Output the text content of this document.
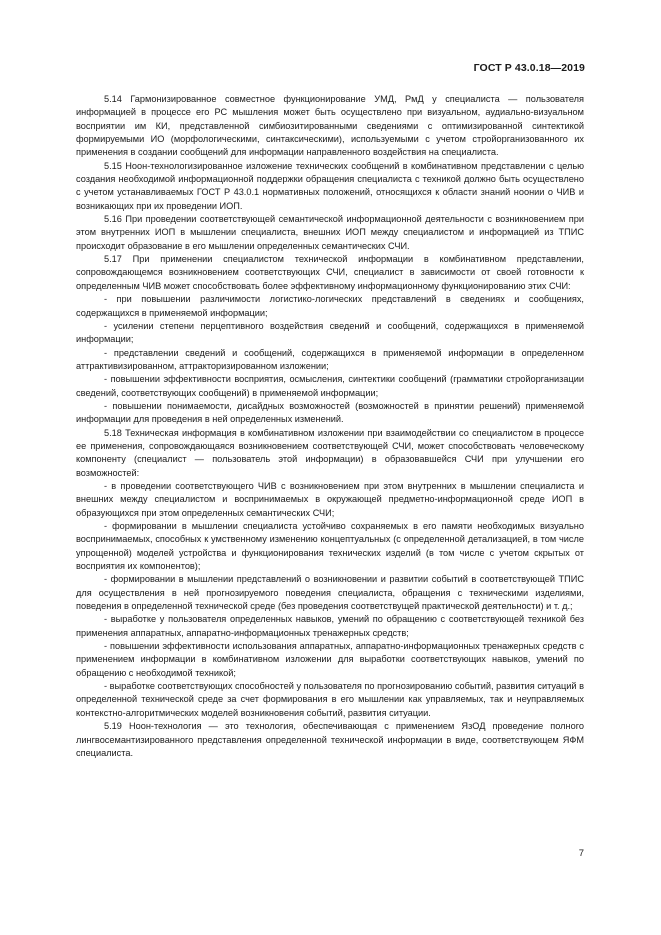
ГОСТ Р 43.0.18—2019

5.14 Гармонизированное совместное функционирование УМД, РмД у специалиста — пользователя информацией в процессе его РС мышления может быть осуществлено при визуальном, аудиально-визуальном восприятии им КИ, представленной симбиозитированными сведениями с оптимизированной синтектикой формируемыми ИО (морфологическими, синтаксическими), используемыми с учетом стройорганизованного их применения в создании сообщений для информации направленного воздействия на специалиста.

5.15 Ноон-технологизированное изложение технических сообщений в комбинативном представлении с целью создания необходимой информационной поддержки обращения специалиста с техникой должно быть осуществлено с учетом устанавливаемых ГОСТ Р 43.0.1 нормативных положений, относящихся к области знаний ноонии о ЧИВ и возникающих при их проведении ИОП.

5.16 При проведении соответствующей семантической информационной деятельности с возникновением при этом внутренних ИОП в мышлении специалиста, внешних ИОП между специалистом и информацией из ТПИС происходит образование в его мышлении определенных семантических СЧИ.

5.17 При применении специалистом технической информации в комбинативном представлении, сопровождающемся возникновением соответствующих СЧИ, специалист в зависимости от своей готовности к определенным ЧИВ может способствовать более эффективному информационному функционированию этих СЧИ:

- при повышении различимости логистико-логических представлений в сведениях и сообщениях, содержащихся в применяемой информации;

- усилении степени перцептивного воздействия сведений и сообщений, содержащихся в применяемой информации;

- представлении сведений и сообщений, содержащихся в применяемой информации в определенном аттрактивизированном, аттракторизированном изложении;

- повышении эффективности восприятия, осмысления, синтектики сообщений (грамматики стройорганизации сведений, соответствующих сообщений) в применяемой информации;

- повышении понимаемости, дисайдных возможностей (возможностей в принятии решений) применяемой информации для проведения в ней определенных изменений.

5.18 Техническая информация в комбинативном изложении при взаимодействии со специалистом в процессе ее применения, сопровождающаяся возникновением соответствующей СЧИ, может способствовать человеческому компоненту (специалист — пользователь этой информации) в образовавшейся СЧИ при улучшении его возможностей:

- в проведении соответствующего ЧИВ с возникновением при этом внутренних в мышлении специалиста и внешних между специалистом и воспринимаемых в окружающей предметно-информационной среде ИОП в образующихся при этом определенных семантических СЧИ;

- формировании в мышлении специалиста устойчиво сохраняемых в его памяти необходимых визуально воспринимаемых, способных к умственному изменению концептуальных (с определенной детализацией, в том числе упрощенной) моделей устройства и функционирования технических изделий (в том числе с учетом скрытых от восприятия их компонентов);

- формировании в мышлении представлений о возникновении и развитии событий в соответствующей ТПИС для осуществления в ней прогнозируемого поведения специалиста, обращения с техническими изделиями, поведения в определенной технической среде (без проведения соответствущей практической деятельности) и т. д.;

- выработке у пользователя определенных навыков, умений по обращению с соответствующей техникой без применения аппаратных, аппаратно-информационных тренажерных средств;

- повышении эффективности использования аппаратных, аппаратно-информационных тренажерных средств с применением информации в комбинативном изложении для выработки соответствующих навыков, умений по обращению с необходимой техникой;

- выработке соответствующих способностей у пользователя по прогнозированию событий, развития ситуаций в определенной технической среде за счет формирования в его мышлении как управляемых, так и неуправляемых контекстно-алгоритмических моделей возникновения событий, развития ситуации.

5.19 Ноон-технология — это технология, обеспечивающая с применением ЯзОД проведение полного лингвосемантизированного представления определенной технической информации в виде, соответствующем ЯФМ специалиста.

7
